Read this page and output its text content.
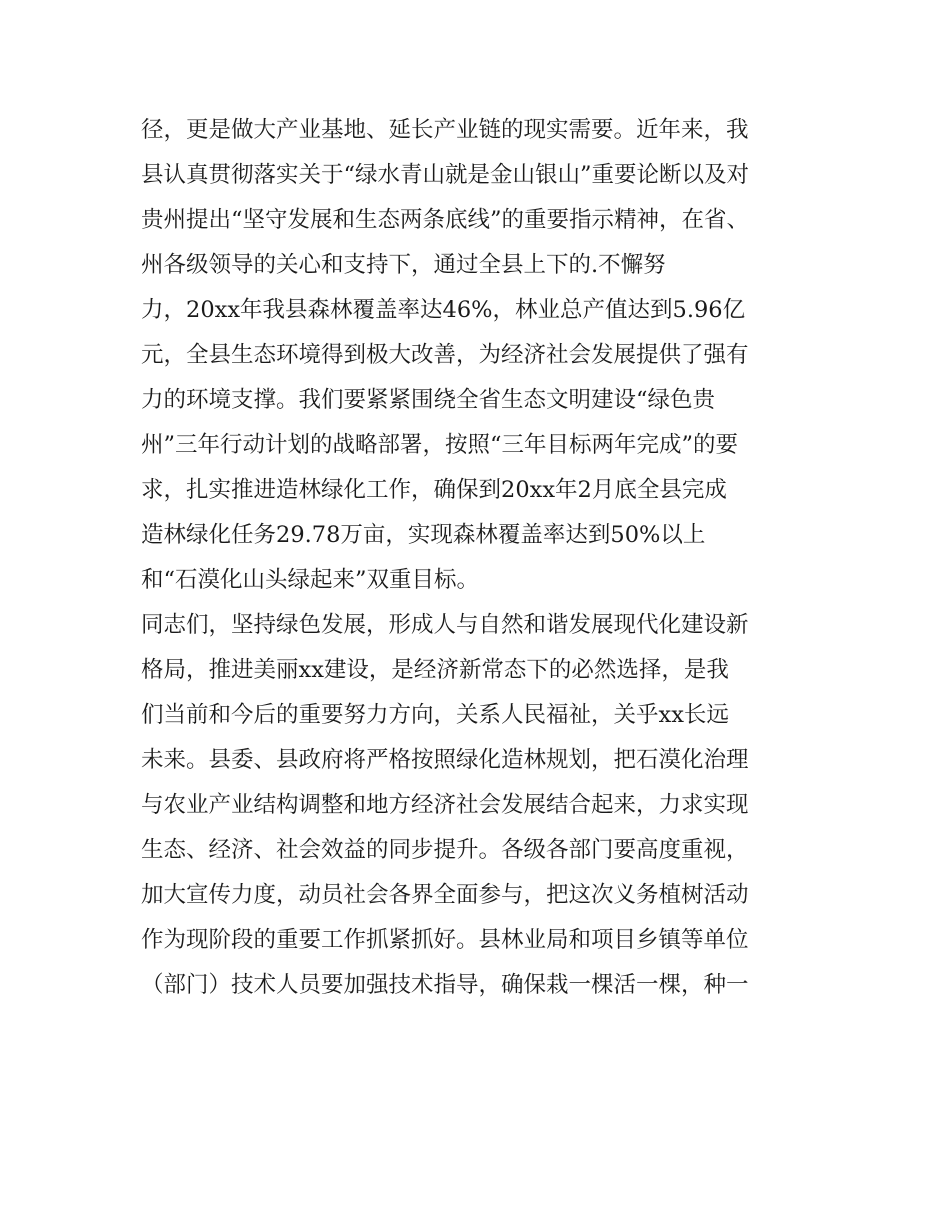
径，更是做大产业基地、延长产业链的现实需要。近年来，我
县认真贯彻落实关于“绿水青山就是金山银山”重要论断以及对
贵州提出“坚守发展和生态两条底线”的重要指示精神，在省、
州各级领导的关心和支持下，通过全县上下的.不懈努
力，20xx年我县森林覆盖率达46%，林业总产值达到5.96亿
元，全县生态环境得到极大改善，为经济社会发展提供了强有
力的环境支撑。我们要紧紧围绕全省生态文明建设“绿色贵
州”三年行动计划的战略部署，按照“三年目标两年完成”的要
求，扎实推进造林绿化工作，确保到20xx年2月底全县完成
造林绿化任务29.78万亩，实现森林覆盖率达到50%以上
和“石漠化山头绿起来”双重目标。
同志们，坚持绿色发展，形成人与自然和谐发展现代化建设新
格局，推进美丽xx建设，是经济新常态下的必然选择，是我
们当前和今后的重要努力方向，关系人民福祉，关乎xx长远
未来。县委、县政府将严格按照绿化造林规划，把石漠化治理
与农业产业结构调整和地方经济社会发展结合起来，力求实现
生态、经济、社会效益的同步提升。各级各部门要高度重视，
加大宣传力度，动员社会各界全面参与，把这次义务植树活动
作为现阶段的重要工作抓紧抓好。县林业局和项目乡镇等单位
（部门）技术人员要加强技术指导，确保栽一棵活一棵，种一
